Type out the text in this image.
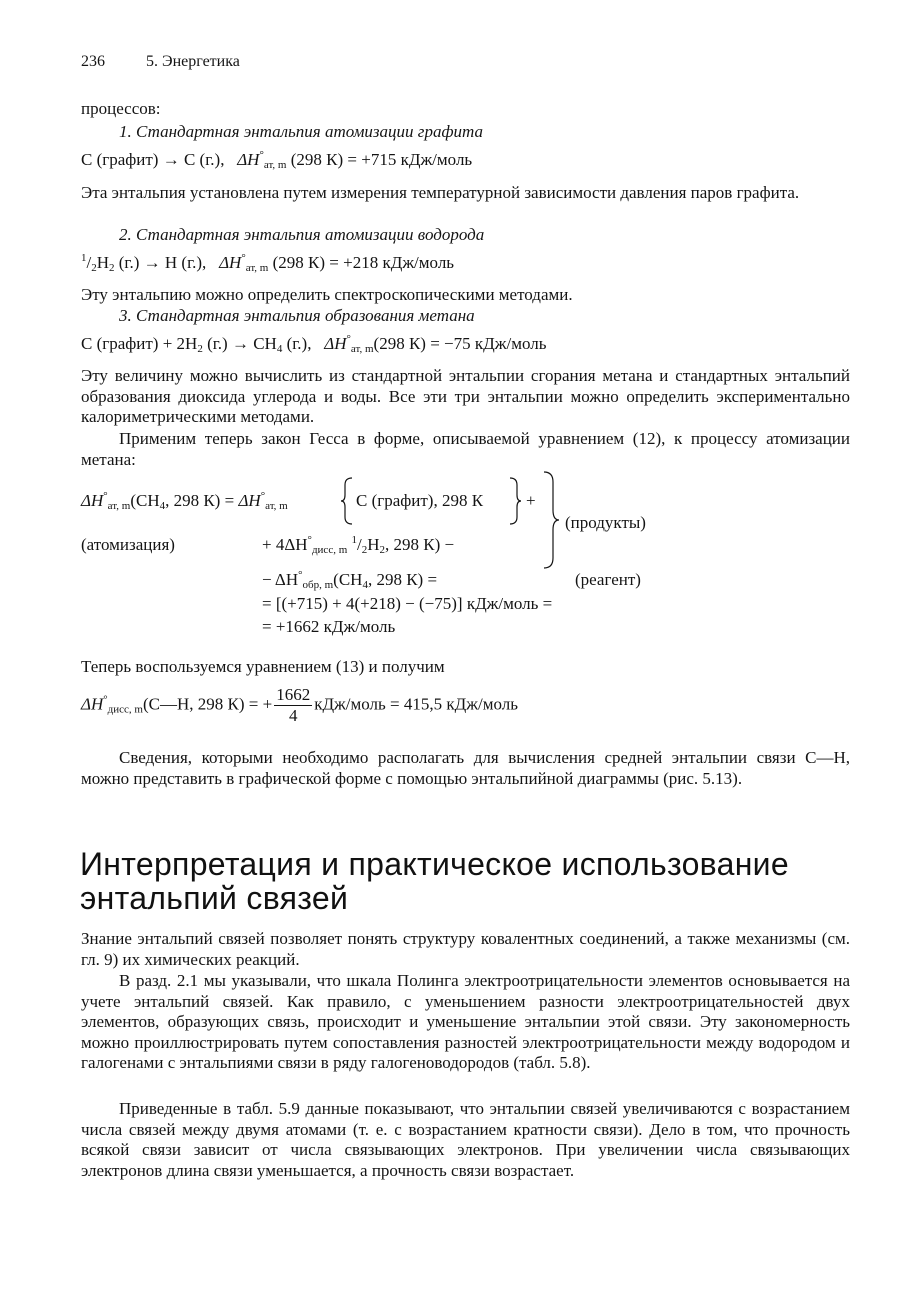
236	5. Энергетика
процессов:
1. Стандартная энтальпия атомизации графита
C (графит) → C (г.), $\Delta H^\circ_{ат, m}$ (298 К) = +715 кДж/моль
Эта энтальпия установлена путем измерения температурной зависимости давления паров графита.
2. Стандартная энтальпия атомизации водорода
$^1/_2H_2$ (г.) → H (г.), $\Delta H^\circ_{ат, m}$ (298 К) = +218 кДж/моль
Эту энтальпию можно определить спектроскопическими методами.
3. Стандартная энтальпия образования метана
C (графит) + $2H_2$ $(г.) \to CH_4$ (г.), $\Delta H^\circ_{ат, m}(298$ К) = −75 кДж/моль
Эту величину можно вычислить из стандартной энтальпии сгорания метана и стандартных энтальпий образования диоксида углерода и воды. Все эти три энтальпии можно определить экспериментально калориметрическими методами.
Применим теперь закон Гесса в форме, описываемой уравнением (12), к процессу атомизации метана:
$\Delta H^\circ_{ат, m}(CH_4$, 298 $К) = \Delta H^\circ_{ат, m}$	C (графит), 298 К	+
(продукты)
(атомизация)	+ $4\Delta H^\circ_{дисс, m}$ $^1/_2H_2$, 298 К) −
− $\Delta H^\circ_{обр, m}(CH_4$, 298 К) =	(реагент)
= [(+715) + 4(+218) − (−75)] кДж/моль =
= +1662 кДж/моль
Теперь воспользуемся уравнением (13) и получим
$\Delta H^\circ_{дисс, m}(C—H$, 298 К) = + $\frac{1662}{4}$ кДж/моль = 415,5 кДж/моль
Сведения, которыми необходимо располагать для вычисления средней энтальпии связи C—H, можно представить в графической форме с помощью энтальпийной диаграммы (рис. 5.13).
Интерпретация и практическое использование
энтальпий связей
Знание энтальпий связей позволяет понять структуру ковалентных соединений, а также механизмы (см. гл. 9) их химических реакций.
В разд. 2.1 мы указывали, что шкала Полинга электроотрицательности элементов основывается на учете энтальпий связей. Как правило, с уменьшением разности электроотрицательностей двух элементов, образующих связь, происходит и уменьшение энтальпии этой связи. Эту закономерность можно проиллюстрировать путем сопоставления разностей электроотрицательности между водородом и галогенами с энтальпиями связи в ряду галогеноводородов (табл. 5.8).
Приведенные в табл. 5.9 данные показывают, что энтальпии связей увеличиваются с возрастанием числа связей между двумя атомами (т. е. с возрастанием кратности связи). Дело в том, что прочность всякой связи зависит от числа связывающих электронов. При увеличении числа связывающих электронов длина связи уменьшается, а прочность связи возрастает.
